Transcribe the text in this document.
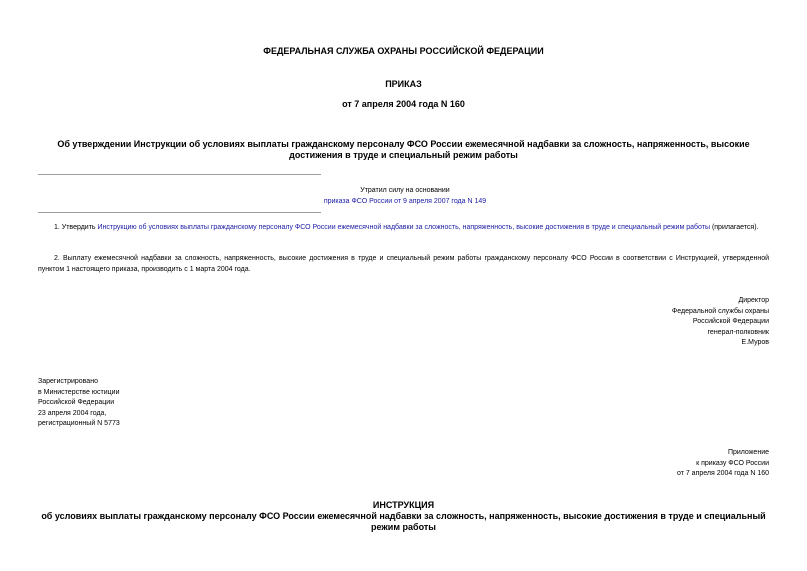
ФЕДЕРАЛЬНАЯ СЛУЖБА ОХРАНЫ РОССИЙСКОЙ ФЕДЕРАЦИИ
ПРИКАЗ
от 7 апреля 2004 года N 160
Об утверждении Инструкции об условиях выплаты гражданскому персоналу ФСО России ежемесячной надбавки за сложность, напряженность, высокие достижения в труде и специальный режим работы
Утратил силу на основании
приказа ФСО России от 9 апреля 2007 года N 149
1. Утвердить Инструкцию об условиях выплаты гражданскому персоналу ФСО России ежемесячной надбавки за сложность, напряженность, высокие достижения в труде и специальный режим работы (прилагается).
2. Выплату ежемесячной надбавки за сложность, напряженность, высокие достижения в труде и специальный режим работы гражданскому персоналу ФСО России в соответствии с Инструкцией, утвержденной пунктом 1 настоящего приказа, производить с 1 марта 2004 года.
Директор
Федеральной службы охраны
Российской Федерации
генерал-полковник
Е.Муров
Зарегистрировано
в Министерстве юстиции
Российской Федерации
23 апреля 2004 года,
регистрационный N 5773
Приложение
к приказу ФСО России
от 7 апреля 2004 года N 160
ИНСТРУКЦИЯ
об условиях выплаты гражданскому персоналу ФСО России ежемесячной надбавки за сложность, напряженность, высокие достижения в труде и специальный режим работы
